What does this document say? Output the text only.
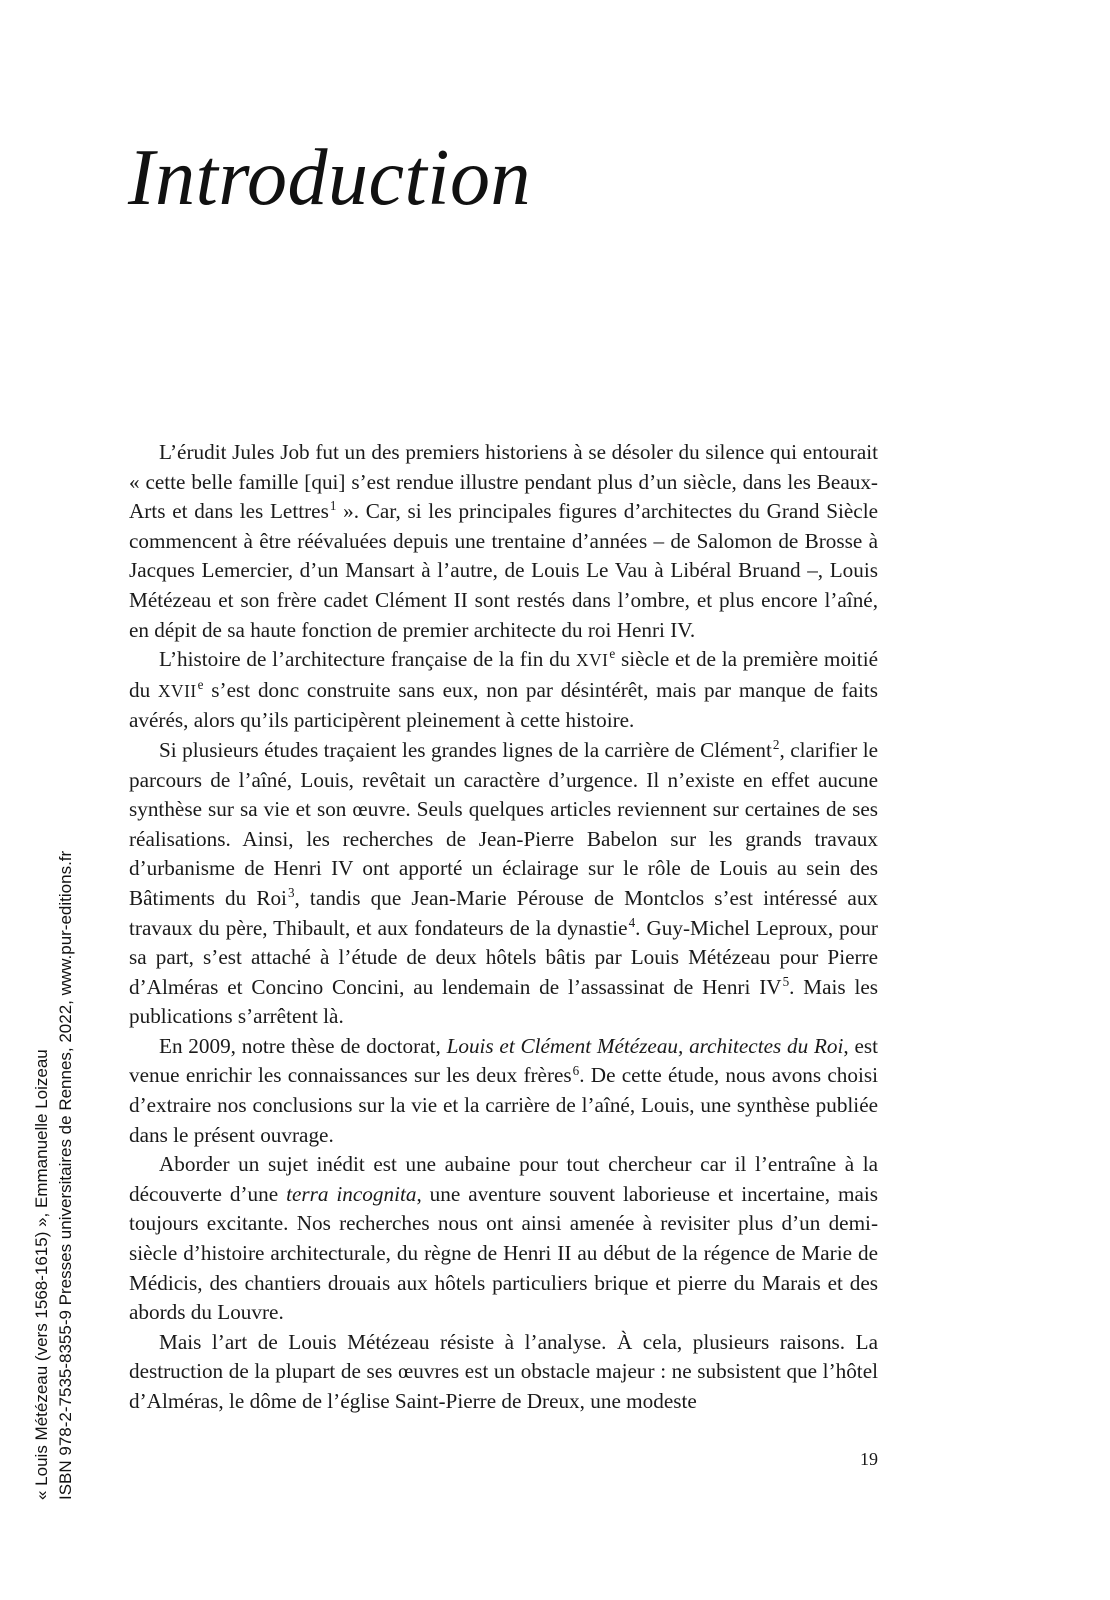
Introduction

L’érudit Jules Job fut un des premiers historiens à se désoler du silence qui entourait « cette belle famille [qui] s’est rendue illustre pendant plus d’un siècle, dans les Beaux-Arts et dans les Lettres$^1$ ». Car, si les principales figures d’architectes du Grand Siècle commencent à être réévaluées depuis une trentaine d’années – de Salomon de Brosse à Jacques Lemercier, d’un Mansart à l’autre, de Louis Le Vau à Libéral Bruand –, Louis Métézeau et son frère cadet Clément II sont restés dans l’ombre, et plus encore l’aîné, en dépit de sa haute fonction de premier architecte du roi Henri IV.

L’histoire de l’architecture française de la fin du XVIe siècle et de la première moitié du XVIIe s’est donc construite sans eux, non par désintérêt, mais par manque de faits avérés, alors qu’ils participèrent pleinement à cette histoire.

Si plusieurs études traçaient les grandes lignes de la carrière de Clément$^2$, clarifier le parcours de l’aîné, Louis, revêtait un caractère d’urgence. Il n’existe en effet aucune synthèse sur sa vie et son œuvre. Seuls quelques articles reviennent sur certaines de ses réalisations. Ainsi, les recherches de Jean-Pierre Babelon sur les grands travaux d’urbanisme de Henri IV ont apporté un éclairage sur le rôle de Louis au sein des Bâtiments du Roi$^3$, tandis que Jean-Marie Pérouse de Montclos s’est intéressé aux travaux du père, Thibault, et aux fondateurs de la dynastie$^4$. Guy-Michel Leproux, pour sa part, s’est attaché à l’étude de deux hôtels bâtis par Louis Métézeau pour Pierre d’Alméras et Concino Concini, au lendemain de l’assassinat de Henri $IV^5$. Mais les publications s’arrêtent là.

En 2009, notre thèse de doctorat, Louis et Clément Métézeau, architectes du Roi, est venue enrichir les connaissances sur les deux frères$^6$. De cette étude, nous avons choisi d’extraire nos conclusions sur la vie et la carrière de l’aîné, Louis, une synthèse publiée dans le présent ouvrage.

Aborder un sujet inédit est une aubaine pour tout chercheur car il l’entraîne à la découverte d’une terra incognita, une aventure souvent laborieuse et incertaine, mais toujours excitante. Nos recherches nous ont ainsi amenée à revisiter plus d’un demi-siècle d’histoire architecturale, du règne de Henri II au début de la régence de Marie de Médicis, des chantiers drouais aux hôtels particuliers brique et pierre du Marais et des abords du Louvre.

Mais l’art de Louis Métézeau résiste à l’analyse. À cela, plusieurs raisons. La destruction de la plupart de ses œuvres est un obstacle majeur : ne subsistent que l’hôtel d’Alméras, le dôme de l’église Saint-Pierre de Dreux, une modeste

19
« Louis Métézeau (vers 1568-1615) », Emmanuelle Loizeau ISBN 978-2-7535-8355-9 Presses universitaires de Rennes, 2022, www.pur-editions.fr
